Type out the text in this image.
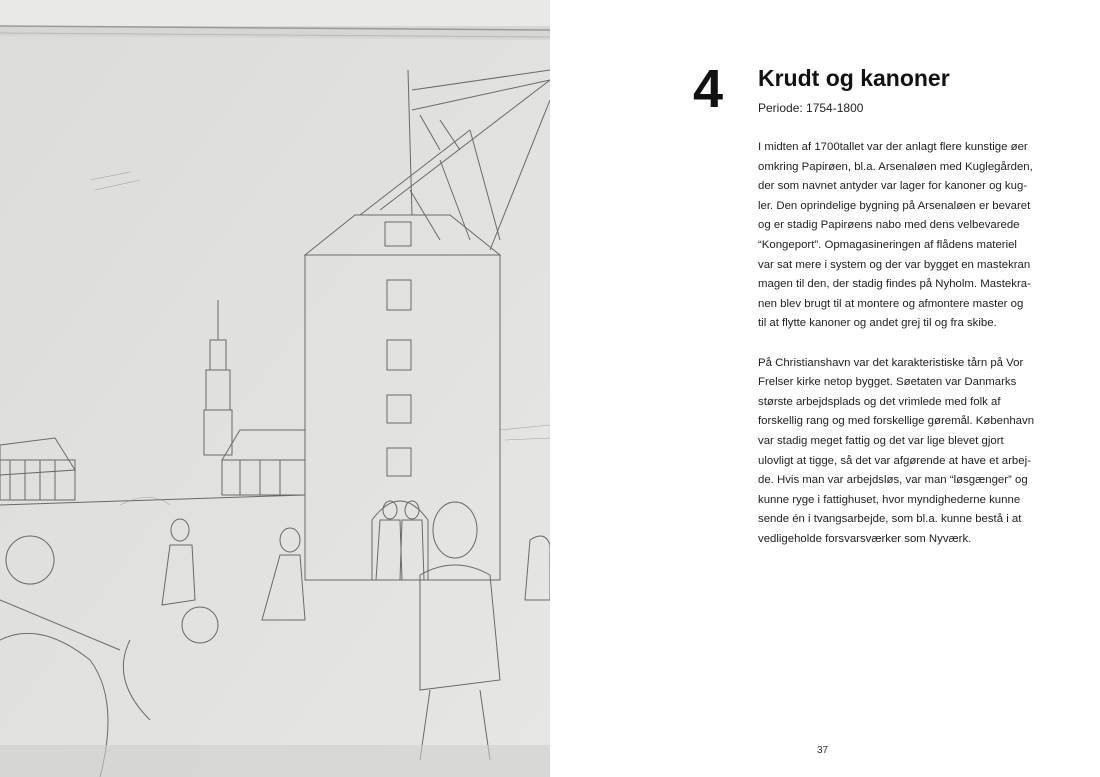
4 Krudt og kanoner
Periode: 1754-1800

I midten af 1700tallet var der anlagt flere kunstige øer
omkring Papirøen, bl.a. Arsenaløen med Kuglegården,
der som navnet antyder var lager for kanoner og kug-
ler. Den oprindelige bygning på Arsenaløen er bevaret
og er stadig Papirøens nabo med dens velbevarede
“Kongeport”. Opmagasineringen af flådens materiel
var sat mere i system og der var bygget en mastekran
magen til den, der stadig findes på Nyholm. Mastekra-
nen blev brugt til at montere og afmontere master og
til at flytte kanoner og andet grej til og fra skibe.

På Christianshavn var det karakteristiske tårn på Vor
Frelser kirke netop bygget. Søetaten var Danmarks
største arbejdsplads og det vrimlede med folk af
forskellig rang og med forskellige gøremål. København
var stadig meget fattig og det var lige blevet gjort
ulovligt at tigge, så det var afgørende at have et arbej-
de. Hvis man var arbejdsløs, var man “løsgænger” og
kunne ryge i fattighuset, hvor myndighederne kunne
sende én i tvangsarbejde, som bl.a. kunne bestå i at
vedligeholde forsvarsværker som Nyværk.

37
